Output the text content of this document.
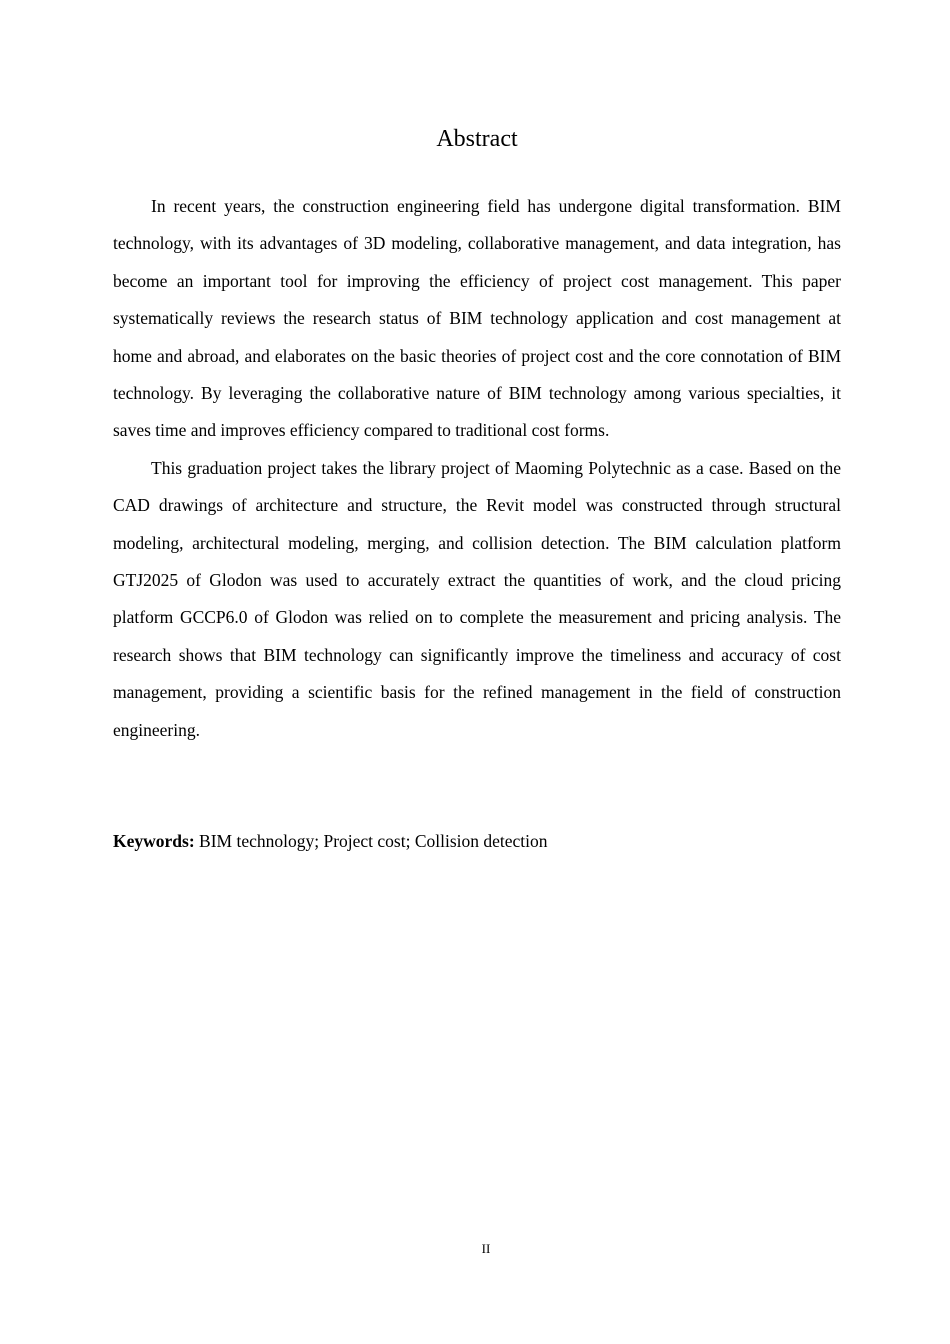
Abstract

In recent years, the construction engineering field has undergone digital transformation. BIM technology, with its advantages of 3D modeling, collaborative management, and data integration, has become an important tool for improving the efficiency of project cost management. This paper systematically reviews the research status of BIM technology application and cost management at home and abroad, and elaborates on the basic theories of project cost and the core connotation of BIM technology. By leveraging the collaborative nature of BIM technology among various specialties, it saves time and improves efficiency compared to traditional cost forms.

This graduation project takes the library project of Maoming Polytechnic as a case. Based on the CAD drawings of architecture and structure, the Revit model was constructed through structural modeling, architectural modeling, merging, and collision detection. The BIM calculation platform GTJ2025 of Glodon was used to accurately extract the quantities of work, and the cloud pricing platform GCCP6.0 of Glodon was relied on to complete the measurement and pricing analysis. The research shows that BIM technology can significantly improve the timeliness and accuracy of cost management, providing a scientific basis for the refined management in the field of construction engineering.

Keywords: BIM technology; Project cost; Collision detection

II
